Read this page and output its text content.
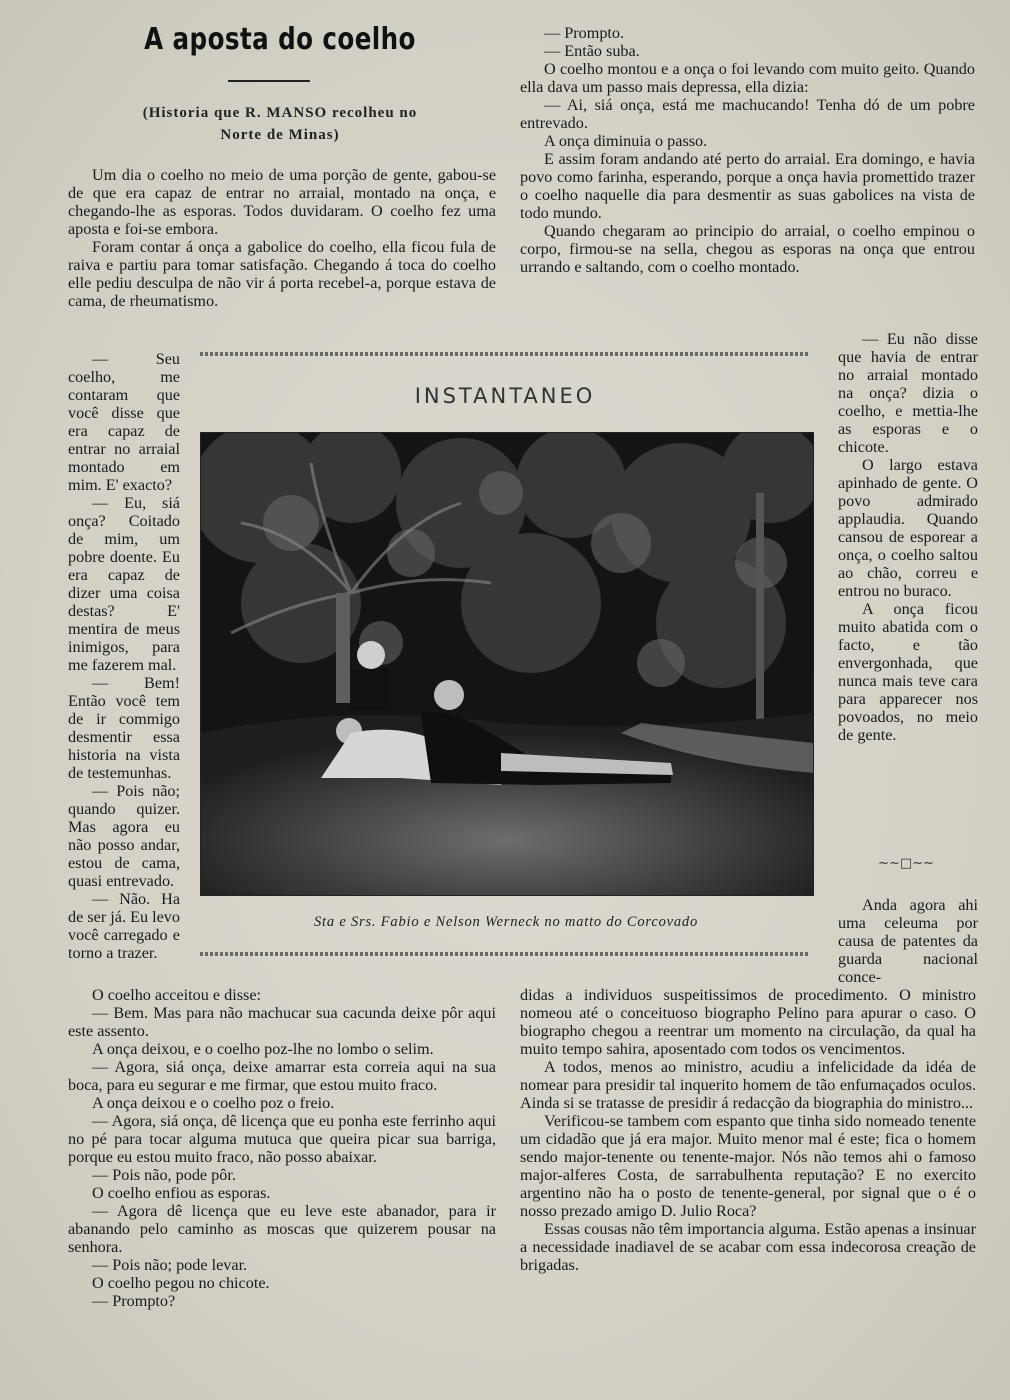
A aposta do coelho
(Historia que R. MANSO recolheu no
Norte de Minas)

Um dia o coelho no meio de uma porção de gente, gabou-se de que era capaz de entrar no arraial, montado na onça, e chegando-lhe as esporas. Todos duvidaram. O coelho fez uma aposta e foi-se embora.

Foram contar á onça a gabolice do coelho, ella ficou fula de raiva e partiu para tomar satisfação. Chegando á toca do coelho elle pediu desculpa de não vir á porta recebel-a, porque estava de cama, de rheumatismo.

— Seu coelho, me contaram que você disse que era capaz de entrar no arraial montado em mim. E' exacto?

— Eu, siá onça? Coitado de mim, um pobre doente. Eu era capaz de dizer uma coisa destas? E' mentira de meus inimigos, para me fazerem mal.

— Bem! Então você tem de ir commigo desmentir essa historia na vista de testemunhas.

— Pois não; quando quizer. Mas agora eu não posso andar, estou de cama, quasi entrevado.

— Não. Ha de ser já. Eu levo você carregado e torno a trazer.

— Prompto.

— Então suba.

O coelho montou e a onça o foi levando com muito geito. Quando ella dava um passo mais depressa, ella dizia:

— Ai, siá onça, está me machucando! Tenha dó de um pobre entrevado.

A onça diminuia o passo.

E assim foram andando até perto do arraial. Era domingo, e havia povo como farinha, esperando, porque a onça havia promettido trazer o coelho naquelle dia para desmentir as suas gabolices na vista de todo mundo.

Quando chegaram ao principio do arraial, o coelho empinou o corpo, firmou-se na sella, chegou as esporas na onça que entrou urrando e saltando, com o coelho montado.

— Eu não disse que havia de entrar no arraial montado na onça? dizia o coelho, e mettia-lhe as esporas e o chicote.

O largo estava apinhado de gente. O povo admirado applaudia. Quando cansou de esporear a onça, o coelho saltou ao chão, correu e entrou no buraco.

A onça ficou muito abatida com o facto, e tão envergonhada, que nunca mais teve cara para apparecer nos povoados, no meio de gente.

INSTANTANEO
Sta e Srs. Fabio e Nelson Werneck no matto do Corcovado
~~□~~

Anda agora ahi uma celeuma por causa de patentes da guarda nacional conce-

O coelho acceitou e disse:

— Bem. Mas para não machucar sua cacunda deixe pôr aqui este assento.

A onça deixou, e o coelho poz-lhe no lombo o selim.

— Agora, siá onça, deixe amarrar esta correia aqui na sua boca, para eu segurar e me firmar, que estou muito fraco.

A onça deixou e o coelho poz o freio.

— Agora, siá onça, dê licença que eu ponha este ferrinho aqui no pé para tocar alguma mutuca que queira picar sua barriga, porque eu estou muito fraco, não posso abaixar.

— Pois não, pode pôr.

O coelho enfiou as esporas.

— Agora dê licença que eu leve este abanador, para ir abanando pelo caminho as moscas que quizerem pousar na senhora.

— Pois não; pode levar.

O coelho pegou no chicote.

— Prompto?

didas a individuos suspeitissimos de procedimento. O ministro nomeou até o conceituoso biographo Pelino para apurar o caso. O biographo chegou a reentrar um momento na circulação, da qual ha muito tempo sahira, aposentado com todos os vencimentos.

A todos, menos ao ministro, acudiu a infelicidade da idéa de nomear para presidir tal inquerito homem de tão enfumaçados oculos. Ainda si se tratasse de presidir á redacção da biographia do ministro...

Verificou-se tambem com espanto que tinha sido nomeado tenente um cidadão que já era major. Muito menor mal é este; fica o homem sendo major-tenente ou tenente-major. Nós não temos ahi o famoso major-alferes Costa, de sarrabulhenta reputação? E no exercito argentino não ha o posto de tenente-general, por signal que o é o nosso prezado amigo D. Julio Roca?

Essas cousas não têm importancia alguma. Estão apenas a insinuar a necessidade inadiavel de se acabar com essa indecorosa creação de brigadas.
